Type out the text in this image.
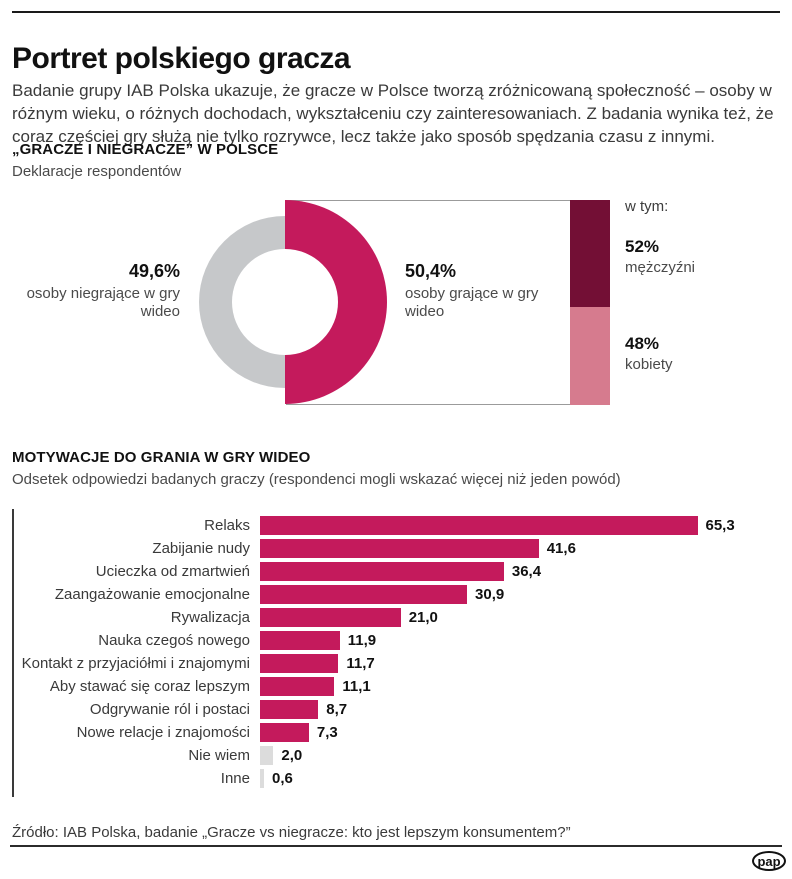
Portret polskiego gracza

Badanie grupy IAB Polska ukazuje, że gracze w Polsce tworzą zróżnicowaną społeczność – osoby w różnym wieku, o różnych dochodach, wykształceniu czy zainteresowaniach. Z badania wynika też, że coraz częściej gry służą nie tylko rozrywce, lecz także jako sposób spędzania czasu z innymi.

„GRACZE I NIEGRACZE” W POLSCE
Deklaracje respondentów
49,6%
osoby niegrające w gry wideo
50,4%
osoby grające w gry wideo
w tym:
52%
mężczyźni
48%
kobiety
MOTYWACJE DO GRANIA W GRY WIDEO
Odsetek odpowiedzi badanych graczy (respondenci mogli wskazać więcej niż jeden powód)
Relaks	65,3
Zabijanie nudy	41,6
Ucieczka od zmartwień	36,4
Zaangażowanie emocjonalne	30,9
Rywalizacja	21,0
Nauka czegoś nowego	11,9
Kontakt z przyjaciółmi i znajomymi	11,7
Aby stawać się coraz lepszym	11,1
Odgrywanie ról i postaci	8,7
Nowe relacje i znajomości	7,3
Nie wiem	2,0
Inne	0,6
Źródło: IAB Polska, badanie „Gracze vs niegracze: kto jest lepszym konsumentem?”
pap
